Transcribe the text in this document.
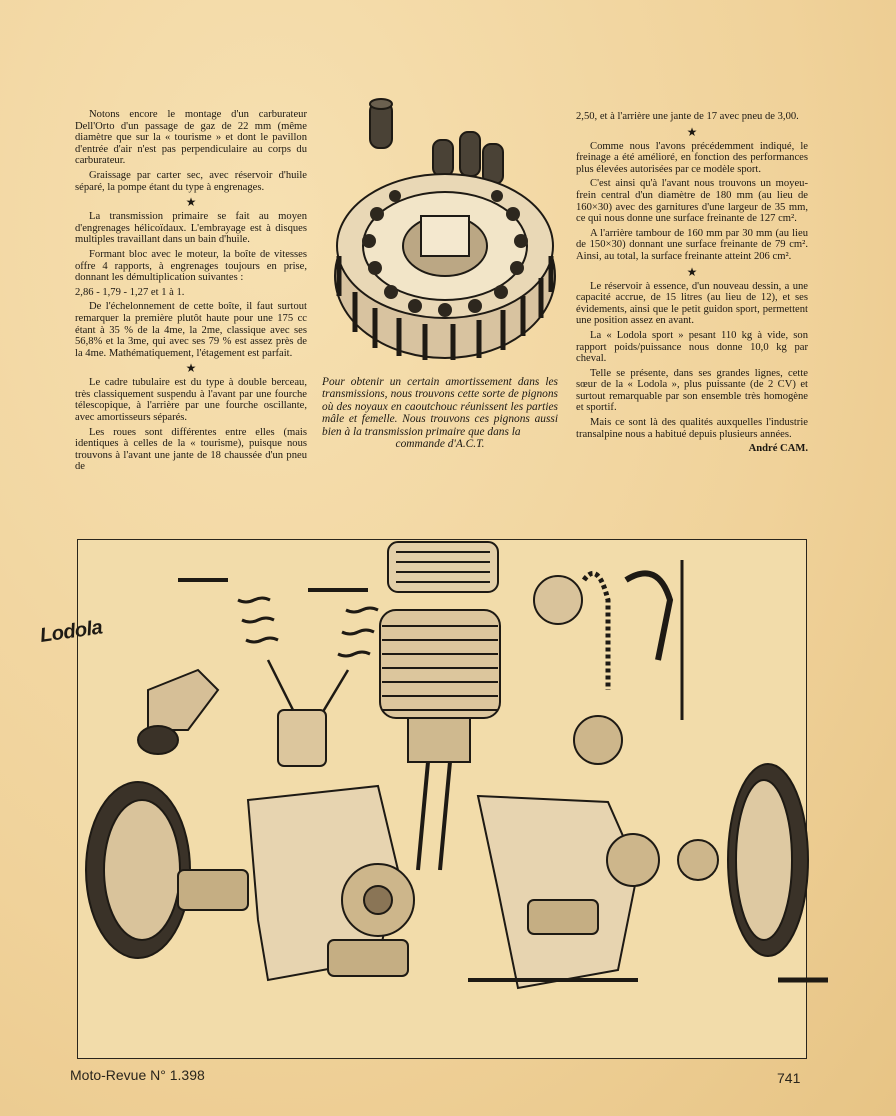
Notons encore le montage d'un carburateur Dell'Orto d'un passage de gaz de 22 mm (même diamètre que sur la « tourisme » et dont le pavillon d'entrée d'air n'est pas perpendiculaire au corps du carburateur.

Graissage par carter sec, avec réservoir d'huile séparé, la pompe étant du type à engrenages.

★

La transmission primaire se fait au moyen d'engrenages hélicoïdaux. L'embrayage est à disques multiples travaillant dans un bain d'huile.

Formant bloc avec le moteur, la boîte de vitesses offre 4 rapports, à engrenages toujours en prise, donnant les démultiplication suivantes :

2,86 - 1,79 - 1,27 et 1 à 1.

De l'échelonnement de cette boîte, il faut surtout remarquer la première plutôt haute pour une 175 cc étant à 35 % de la 4me, la 2me, classique avec ses 56,8% et la 3me, qui avec ses 79 % est assez près de la 4me. Mathématiquement, l'étagement est parfait.

★

Le cadre tubulaire est du type à double berceau, très classiquement suspendu à l'avant par une fourche télescopique, à l'arrière par une fourche oscillante, avec amortisseurs séparés.

Les roues sont différentes entre elles (mais identiques à celles de la « tourisme), puisque nous trouvons à l'avant une jante de 18 chaussée d'un pneu de

Pour obtenir un certain amortissement dans les transmissions, nous trouvons cette sorte de pignons où des noyaux en caoutchouc réunissent les parties mâle et femelle. Nous trouvons ces pignons aussi bien à la transmission primaire que dans la
commande d'A.C.T.

2,50, et à l'arrière une jante de 17 avec pneu de 3,00.

★

Comme nous l'avons précédemment indiqué, le freinage a été amélioré, en fonction des performances plus élevées autorisées par ce modèle sport.

C'est ainsi qu'à l'avant nous trouvons un moyeu-frein central d'un diamètre de 180 mm (au lieu de 160×30) avec des garnitures d'une largeur de 35 mm, ce qui nous donne une surface freinante de 127 cm².

A l'arrière tambour de 160 mm par 30 mm (au lieu de 150×30) donnant une surface freinante de 79 cm². Ainsi, au total, la surface freinante atteint 206 cm².

★

Le réservoir à essence, d'un nouveau dessin, a une capacité accrue, de 15 litres (au lieu de 12), et ses évidements, ainsi que le petit guidon sport, permettent une position assez en avant.

La « Lodola sport » pesant 110 kg à vide, son rapport poids/puissance nous donne 10,0 kg par cheval.

Telle se présente, dans ses grandes lignes, cette sœur de la « Lodola », plus puissante (de 2 CV) et surtout remarquable par son ensemble très homogène et sportif.

Mais ce sont là des qualités auxquelles l'industrie transalpine nous a habitué depuis plusieurs années.

André CAM.
Lodola
Moto-Revue N° 1.398	741
